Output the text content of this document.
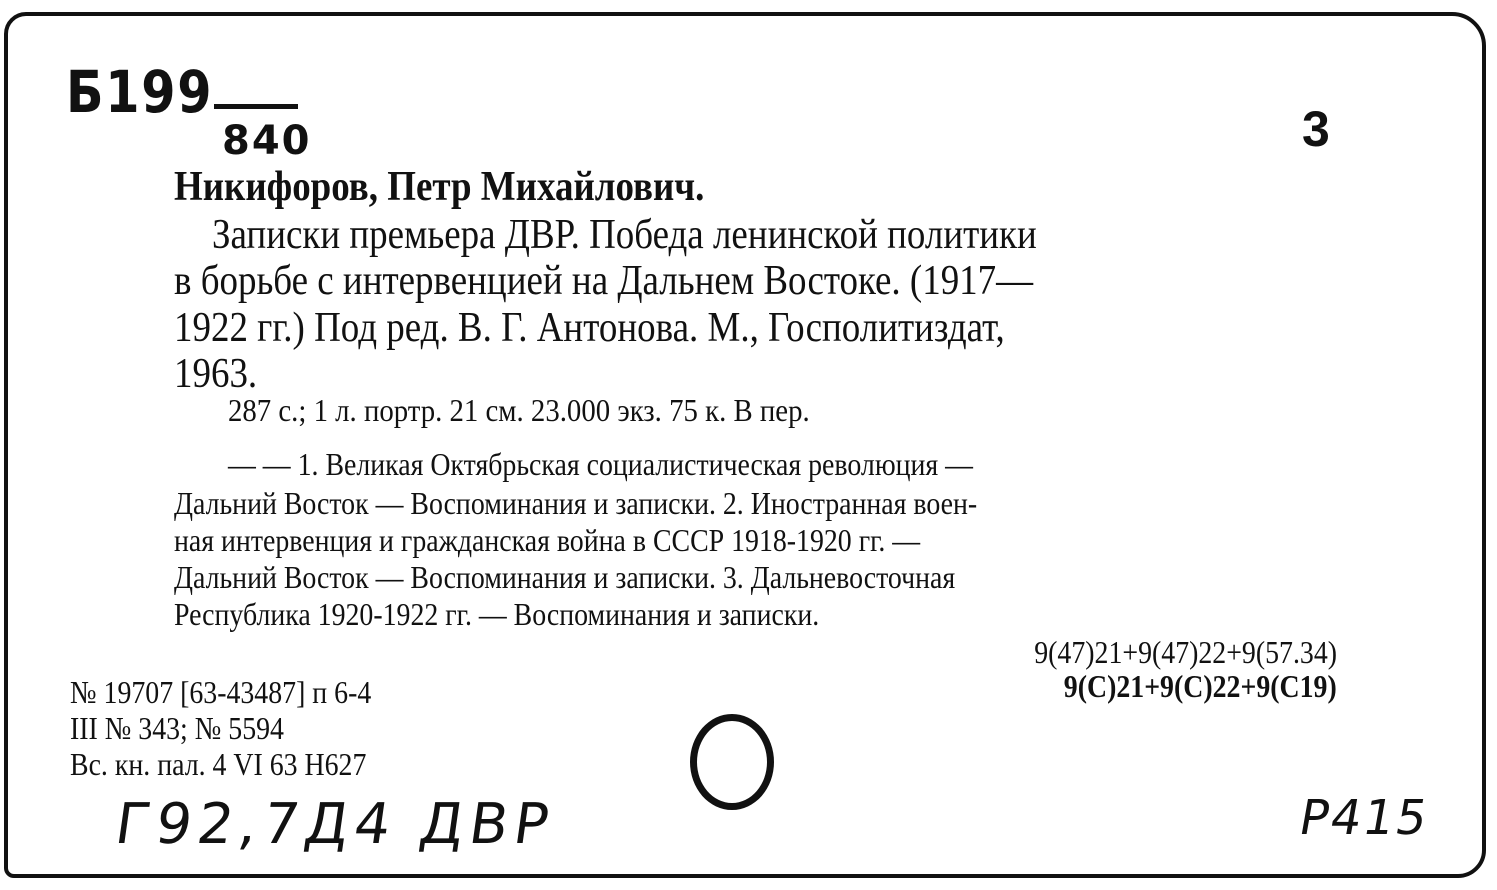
Б199
840	3
Никифоров, Петр Михайлович.
Записки премьера ДВР. Победа ленинской политики
в борьбе с интервенцией на Дальнем Востоке. (1917—
1922 гг.) Под ред. В. Г. Антонова. М., Госполитиздат,
1963.
287 с.; 1 л. портр. 21 см. 23.000 экз. 75 к. В пер.
— — 1. Великая Октябрьская социалистическая революция —
Дальний Восток — Воспоминания и записки. 2. Иностранная воен-
ная интервенция и гражданская война в СССР 1918-1920 гг. —
Дальний Восток — Воспоминания и записки. 3. Дальневосточная
Республика 1920-1922 гг. — Воспоминания и записки.
9(47)21+9(47)22+9(57.34)
9(С)21+9(С)22+9(С19)
№ 19707 [63-43487] п 6-4
III № 343; № 5594
Вс. кн. пал. 4 VI 63 Н627
Г92,7Д4 ДВР	Р415
